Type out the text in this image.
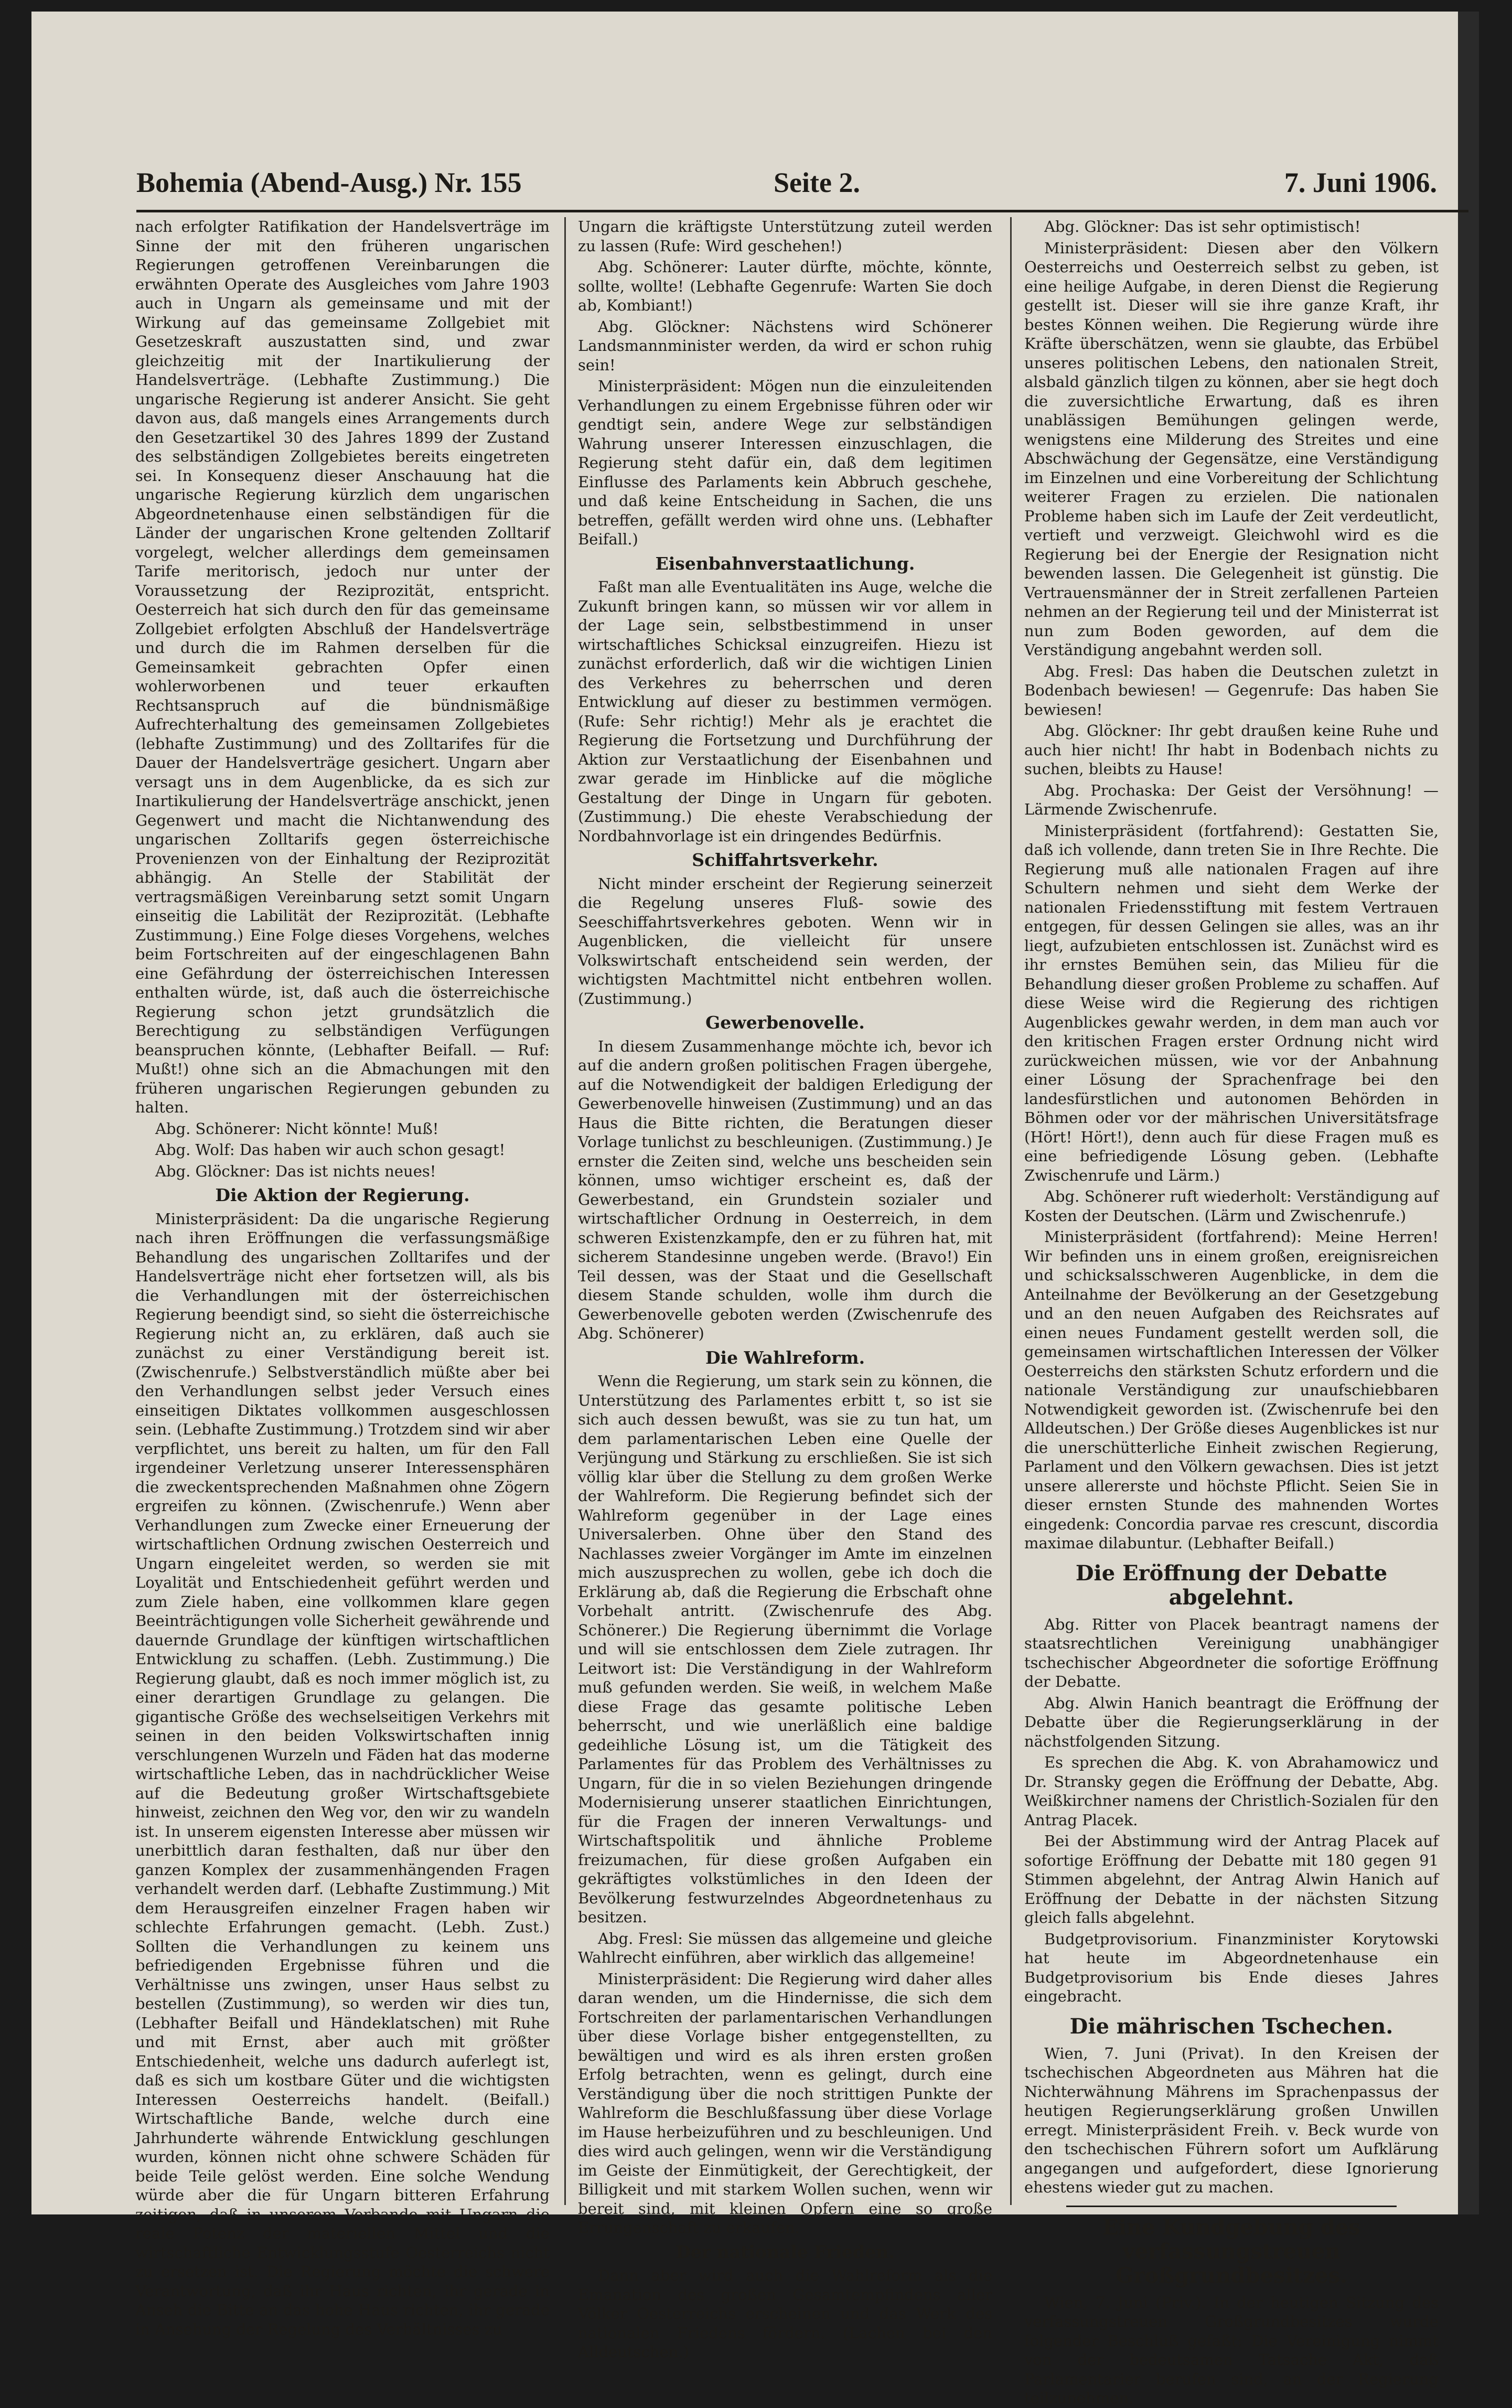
Bohemia (Abend-Ausg.) Nr. 155	Seite 2.	7. Juni 1906.

nach erfolgter Ratifikation der Handelsverträge im Sinne der mit den früheren ungarischen Regierungen getroffenen Vereinbarungen die erwähnten Operate des Ausgleiches vom Jahre 1903 auch in Ungarn als gemeinsame und mit der Wirkung auf das gemeinsame Zollgebiet mit Gesetzeskraft auszustatten sind, und zwar gleichzeitig mit der Inartikulierung der Handelsverträge. (Lebhafte Zustimmung.) Die ungarische Regierung ist anderer Ansicht. Sie geht davon aus, daß mangels eines Arrangements durch den Gesetzartikel 30 des Jahres 1899 der Zustand des selbständigen Zollgebietes bereits eingetreten sei. In Konsequenz dieser Anschauung hat die ungarische Regierung kürzlich dem ungarischen Abgeordnetenhause einen selbständigen für die Länder der ungarischen Krone geltenden Zolltarif vorgelegt, welcher allerdings dem gemeinsamen Tarife meritorisch, jedoch nur unter der Voraussetzung der Reziprozität, entspricht. Oesterreich hat sich durch den für das gemeinsame Zollgebiet erfolgten Abschluß der Handelsverträge und durch die im Rahmen derselben für die Gemeinsamkeit gebrachten Opfer einen wohlerworbenen und teuer erkauften Rechtsanspruch auf die bündnismäßige Aufrechterhaltung des gemeinsamen Zollgebietes (lebhafte Zustimmung) und des Zolltarifes für die Dauer der Handelsverträge gesichert. Ungarn aber versagt uns in dem Augenblicke, da es sich zur Inartikulierung der Handelsverträge anschickt, jenen Gegenwert und macht die Nichtanwendung des ungarischen Zolltarifs gegen österreichische Provenienzen von der Einhaltung der Reziprozität abhängig. An Stelle der Stabilität der vertragsmäßigen Vereinbarung setzt somit Ungarn einseitig die Labilität der Reziprozität. (Lebhafte Zustimmung.) Eine Folge dieses Vorgehens, welches beim Fortschreiten auf der eingeschlagenen Bahn eine Gefährdung der österreichischen Interessen enthalten würde, ist, daß auch die österreichische Regierung schon jetzt grundsätzlich die Berechtigung zu selbständigen Verfügungen beanspruchen könnte, (Lebhafter Beifall. — Ruf: Mußt!) ohne sich an die Abmachungen mit den früheren ungarischen Regierungen gebunden zu halten.

Abg. Schönerer: Nicht könnte! Muß!

Abg. Wolf: Das haben wir auch schon gesagt!

Abg. Glöckner: Das ist nichts neues!

Die Aktion der Regierung.

Ministerpräsident: Da die ungarische Regierung nach ihren Eröffnungen die verfassungsmäßige Behandlung des ungarischen Zolltarifes und der Handelsverträge nicht eher fortsetzen will, als bis die Verhandlungen mit der österreichischen Regierung beendigt sind, so sieht die österreichische Regierung nicht an, zu erklären, daß auch sie zunächst zu einer Verständigung bereit ist. (Zwischenrufe.) Selbstverständlich müßte aber bei den Verhandlungen selbst jeder Versuch eines einseitigen Diktates vollkommen ausgeschlossen sein. (Lebhafte Zustimmung.) Trotzdem sind wir aber verpflichtet, uns bereit zu halten, um für den Fall irgendeiner Verletzung unserer Interessensphären die zweckentsprechenden Maßnahmen ohne Zögern ergreifen zu können. (Zwischenrufe.) Wenn aber Verhandlungen zum Zwecke einer Erneuerung der wirtschaftlichen Ordnung zwischen Oesterreich und Ungarn eingeleitet werden, so werden sie mit Loyalität und Entschiedenheit geführt werden und zum Ziele haben, eine vollkommen klare gegen Beeinträchtigungen volle Sicherheit gewährende und dauernde Grundlage der künftigen wirtschaftlichen Entwicklung zu schaffen. (Lebh. Zustimmung.) Die Regierung glaubt, daß es noch immer möglich ist, zu einer derartigen Grundlage zu gelangen. Die gigantische Größe des wechselseitigen Verkehrs mit seinen in den beiden Volkswirtschaften innig verschlungenen Wurzeln und Fäden hat das moderne wirtschaftliche Leben, das in nachdrücklicher Weise auf die Bedeutung großer Wirtschaftsgebiete hinweist, zeichnen den Weg vor, den wir zu wandeln ist. In unserem eigensten Interesse aber müssen wir unerbittlich daran festhalten, daß nur über den ganzen Komplex der zusammenhängenden Fragen verhandelt werden darf. (Lebhafte Zustimmung.) Mit dem Herausgreifen einzelner Fragen haben wir schlechte Erfahrungen gemacht. (Lebh. Zust.) Sollten die Verhandlungen zu keinem uns befriedigenden Ergebnisse führen und die Verhältnisse uns zwingen, unser Haus selbst zu bestellen (Zustimmung), so werden wir dies tun, (Lebhafter Beifall und Händeklatschen) mit Ruhe und mit Ernst, aber auch mit größter Entschiedenheit, welche uns dadurch auferlegt ist, daß es sich um kostbare Güter und die wichtigsten Interessen Oesterreichs handelt. (Beifall.) Wirtschaftliche Bande, welche durch eine Jahrhunderte währende Entwicklung geschlungen wurden, können nicht ohne schwere Schäden für beide Teile gelöst werden. Eine solche Wendung würde aber die für Ungarn bitteren Erfahrung zeitigen, daß in unserem Verbande mit Ungarn die reale Potenz der materiellen Mittel und die wirtschaftliche Entwicklungsstufe Oesterreichs nicht zu ersetzen ist. Die Regierung möchte die schwere Verantwortung, daß ihr Haus richten, ihr gerade in Anseh die Bitte an das hohe Haus richten, ihr gerade in Ansehung der Regelung des Verhältnisses zu

Ungarn die kräftigste Unterstützung zuteil werden zu lassen (Rufe: Wird geschehen!)

Abg. Schönerer: Lauter dürfte, möchte, könnte, sollte, wollte! (Lebhafte Gegenrufe: Warten Sie doch ab, Kombiant!)

Abg. Glöckner: Nächstens wird Schönerer Landsmannminister werden, da wird er schon ruhig sein!

Ministerpräsident: Mögen nun die einzuleitenden Verhandlungen zu einem Ergebnisse führen oder wir gendtigt sein, andere Wege zur selbständigen Wahrung unserer Interessen einzuschlagen, die Regierung steht dafür ein, daß dem legitimen Einflusse des Parlaments kein Abbruch geschehe, und daß keine Entscheidung in Sachen, die uns betreffen, gefällt werden wird ohne uns. (Lebhafter Beifall.)

Eisenbahnverstaatlichung.

Faßt man alle Eventualitäten ins Auge, welche die Zukunft bringen kann, so müssen wir vor allem in der Lage sein, selbstbestimmend in unser wirtschaftliches Schicksal einzugreifen. Hiezu ist zunächst erforderlich, daß wir die wichtigen Linien des Verkehres zu beherrschen und deren Entwicklung auf dieser zu bestimmen vermögen. (Rufe: Sehr richtig!) Mehr als je erachtet die Regierung die Fortsetzung und Durchführung der Aktion zur Verstaatlichung der Eisenbahnen und zwar gerade im Hinblicke auf die mögliche Gestaltung der Dinge in Ungarn für geboten. (Zustimmung.) Die eheste Verabschiedung der Nordbahnvorlage ist ein dringendes Bedürfnis.

Schiffahrtsverkehr.

Nicht minder erscheint der Regierung seinerzeit die Regelung unseres Fluß- sowie des Seeschiffahrtsverkehres geboten. Wenn wir in Augenblicken, die vielleicht für unsere Volkswirtschaft entscheidend sein werden, der wichtigsten Machtmittel nicht entbehren wollen. (Zustimmung.)

Gewerbenovelle.

In diesem Zusammenhange möchte ich, bevor ich auf die andern großen politischen Fragen übergehe, auf die Notwendigkeit der baldigen Erledigung der Gewerbenovelle hinweisen (Zustimmung) und an das Haus die Bitte richten, die Beratungen dieser Vorlage tunlichst zu beschleunigen. (Zustimmung.) Je ernster die Zeiten sind, welche uns bescheiden sein können, umso wichtiger erscheint es, daß der Gewerbestand, ein Grundstein sozialer und wirtschaftlicher Ordnung in Oesterreich, in dem schweren Existenzkampfe, den er zu führen hat, mit sicherem Standesinne ungeben werde. (Bravo!) Ein Teil dessen, was der Staat und die Gesellschaft diesem Stande schulden, wolle ihm durch die Gewerbenovelle geboten werden (Zwischenrufe des Abg. Schönerer)

Die Wahlreform.

Wenn die Regierung, um stark sein zu können, die Unterstützung des Parlamentes erbitt t, so ist sie sich auch dessen bewußt, was sie zu tun hat, um dem parlamentarischen Leben eine Quelle der Verjüngung und Stärkung zu erschließen. Sie ist sich völlig klar über die Stellung zu dem großen Werke der Wahlreform. Die Regierung befindet sich der Wahlreform gegenüber in der Lage eines Universalerben. Ohne über den Stand des Nachlasses zweier Vorgänger im Amte im einzelnen mich auszusprechen zu wollen, gebe ich doch die Erklärung ab, daß die Regierung die Erbschaft ohne Vorbehalt antritt. (Zwischenrufe des Abg. Schönerer.) Die Regierung übernimmt die Vorlage und will sie entschlossen dem Ziele zutragen. Ihr Leitwort ist: Die Verständigung in der Wahlreform muß gefunden werden. Sie weiß, in welchem Maße diese Frage das gesamte politische Leben beherrscht, und wie unerläßlich eine baldige gedeihliche Lösung ist, um die Tätigkeit des Parlamentes für das Problem des Verhältnisses zu Ungarn, für die in so vielen Beziehungen dringende Modernisierung unserer staatlichen Einrichtungen, für die Fragen der inneren Verwaltungs- und Wirtschaftspolitik und ähnliche Probleme freizumachen, für diese großen Aufgaben ein gekräftigtes volkstümliches in den Ideen der Bevölkerung festwurzelndes Abgeordnetenhaus zu besitzen.

Abg. Fresl: Sie müssen das allgemeine und gleiche Wahlrecht einführen, aber wirklich das allgemeine!

Ministerpräsident: Die Regierung wird daher alles daran wenden, um die Hindernisse, die sich dem Fortschreiten der parlamentarischen Verhandlungen über diese Vorlage bisher entgegenstellten, zu bewältigen und wird es als ihren ersten großen Erfolg betrachten, wenn es gelingt, durch eine Verständigung über die noch strittigen Punkte der Wahlreform die Beschlußfassung über diese Vorlage im Hause herbeizuführen und zu beschleunigen. Und dies wird auch gelingen, wenn wir die Verständigung im Geiste der Einmütigkeit, der Gerechtigkeit, der Billigkeit und mit starkem Wollen suchen, wenn wir bereit sind, mit kleinen Opfern eine so große Errungenschaft zu erkaufen.

Der nationale Frieden.

Dann aber wird auch die Wahlreform als die Emanation des großen Gesamtempfindens aller Völker Oesterreichs erscheinen und das Werk des nationalen Friedens fördern. (Lachen bei den Alldeutschen.)

Abg. Glöckner: Das ist sehr optimistisch!

Ministerpräsident: Diesen aber den Völkern Oesterreichs und Oesterreich selbst zu geben, ist eine heilige Aufgabe, in deren Dienst die Regierung gestellt ist. Dieser will sie ihre ganze Kraft, ihr bestes Können weihen. Die Regierung würde ihre Kräfte überschätzen, wenn sie glaubte, das Erbübel unseres politischen Lebens, den nationalen Streit, alsbald gänzlich tilgen zu können, aber sie hegt doch die zuversichtliche Erwartung, daß es ihren unablässigen Bemühungen gelingen werde, wenigstens eine Milderung des Streites und eine Abschwächung der Gegensätze, eine Verständigung im Einzelnen und eine Vorbereitung der Schlichtung weiterer Fragen zu erzielen. Die nationalen Probleme haben sich im Laufe der Zeit verdeutlicht, vertieft und verzweigt. Gleichwohl wird es die Regierung bei der Energie der Resignation nicht bewenden lassen. Die Gelegenheit ist günstig. Die Vertrauensmänner der in Streit zerfallenen Parteien nehmen an der Regierung teil und der Ministerrat ist nun zum Boden geworden, auf dem die Verständigung angebahnt werden soll.

Abg. Fresl: Das haben die Deutschen zuletzt in Bodenbach bewiesen! — Gegenrufe: Das haben Sie bewiesen!

Abg. Glöckner: Ihr gebt draußen keine Ruhe und auch hier nicht! Ihr habt in Bodenbach nichts zu suchen, bleibts zu Hause!

Abg. Prochaska: Der Geist der Versöhnung! — Lärmende Zwischenrufe.

Ministerpräsident (fortfahrend): Gestatten Sie, daß ich vollende, dann treten Sie in Ihre Rechte. Die Regierung muß alle nationalen Fragen auf ihre Schultern nehmen und sieht dem Werke der nationalen Friedensstiftung mit festem Vertrauen entgegen, für dessen Gelingen sie alles, was an ihr liegt, aufzubieten entschlossen ist. Zunächst wird es ihr ernstes Bemühen sein, das Milieu für die Behandlung dieser großen Probleme zu schaffen. Auf diese Weise wird die Regierung des richtigen Augenblickes gewahr werden, in dem man auch vor den kritischen Fragen erster Ordnung nicht wird zurückweichen müssen, wie vor der Anbahnung einer Lösung der Sprachenfrage bei den landesfürstlichen und autonomen Behörden in Böhmen oder vor der mährischen Universitätsfrage (Hört! Hört!), denn auch für diese Fragen muß es eine befriedigende Lösung geben. (Lebhafte Zwischenrufe und Lärm.)

Abg. Schönerer ruft wiederholt: Verständigung auf Kosten der Deutschen. (Lärm und Zwischenrufe.)

Ministerpräsident (fortfahrend): Meine Herren! Wir befinden uns in einem großen, ereignisreichen und schicksalsschweren Augenblicke, in dem die Anteilnahme der Bevölkerung an der Gesetzgebung und an den neuen Aufgaben des Reichsrates auf einen neues Fundament gestellt werden soll, die gemeinsamen wirtschaftlichen Interessen der Völker Oesterreichs den stärksten Schutz erfordern und die nationale Verständigung zur unaufschiebbaren Notwendigkeit geworden ist. (Zwischenrufe bei den Alldeutschen.) Der Größe dieses Augenblickes ist nur die unerschütterliche Einheit zwischen Regierung, Parlament und den Völkern gewachsen. Dies ist jetzt unsere allererste und höchste Pflicht. Seien Sie in dieser ernsten Stunde des mahnenden Wortes eingedenk: Concordia parvae res crescunt, discordia maximae dilabuntur. (Lebhafter Beifall.)

Die Eröffnung der Debatte abgelehnt.

Abg. Ritter von Placek beantragt namens der staatsrechtlichen Vereinigung unabhängiger tschechischer Abgeordneter die sofortige Eröffnung der Debatte.

Abg. Alwin Hanich beantragt die Eröffnung der Debatte über die Regierungserklärung in der nächstfolgenden Sitzung.

Es sprechen die Abg. K. von Abrahamowicz und Dr. Stransky gegen die Eröffnung der Debatte, Abg. Weißkirchner namens der Christlich-Sozialen für den Antrag Placek.

Bei der Abstimmung wird der Antrag Placek auf sofortige Eröffnung der Debatte mit 180 gegen 91 Stimmen abgelehnt, der Antrag Alwin Hanich auf Eröffnung der Debatte in der nächsten Sitzung gleich falls abgelehnt.

Budgetprovisorium. Finanzminister Korytowski hat heute im Abgeordnetenhause ein Budgetprovisorium bis Ende dieses Jahres eingebracht.

Die mährischen Tschechen.

Wien, 7. Juni (Privat). In den Kreisen der tschechischen Abgeordneten aus Mähren hat die Nichterwähnung Mährens im Sprachenpassus der heutigen Regierungserklärung großen Unwillen erregt. Ministerpräsident Freih. v. Beck wurde von den tschechischen Führern sofort um Aufklärung angegangen und aufgefordert, diese Ignorierung ehestens wieder gut zu machen.

Eine Kundgebung des verfassungstreuen Großgrundbesitzes.

Wien, 7. Juni (Priv.). In der heutigen Sitzung des verfassungstreuen Großgrundbesitzes wurde folgender Beschluß gefaßt: Die Vereinigung nimmt von der bedeutsamen Tatsache Akt, daß Parlamentarier berufen sind, an der Regierung teilzunehmen.
